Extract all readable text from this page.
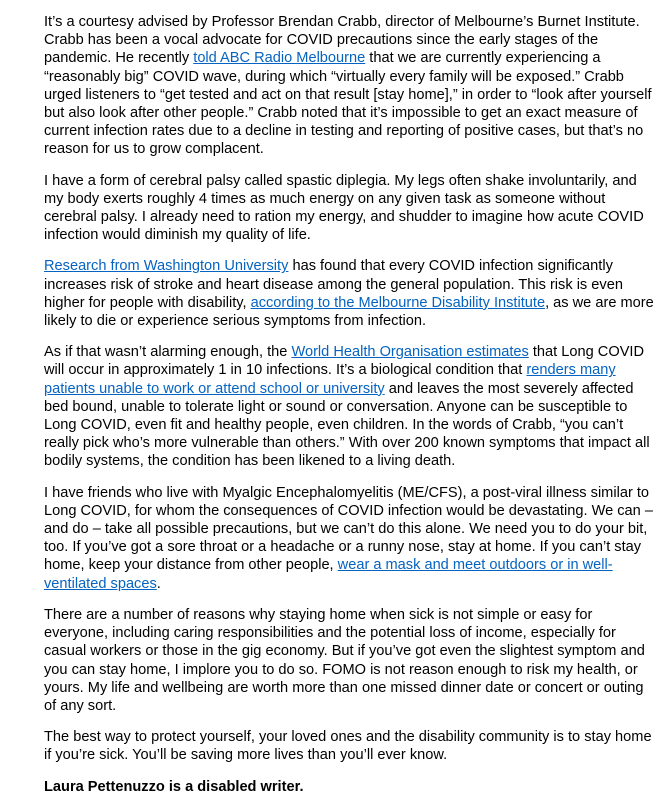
It’s a courtesy advised by Professor Brendan Crabb, director of Melbourne’s Burnet Institute. Crabb has been a vocal advocate for COVID precautions since the early stages of the pandemic. He recently told ABC Radio Melbourne that we are currently experiencing a “reasonably big” COVID wave, during which “virtually every family will be exposed.” Crabb urged listeners to “get tested and act on that result [stay home],” in order to “look after yourself but also look after other people.” Crabb noted that it’s impossible to get an exact measure of current infection rates due to a decline in testing and reporting of positive cases, but that’s no reason for us to grow complacent.

I have a form of cerebral palsy called spastic diplegia. My legs often shake involuntarily, and my body exerts roughly 4 times as much energy on any given task as someone without cerebral palsy. I already need to ration my energy, and shudder to imagine how acute COVID infection would diminish my quality of life.

Research from Washington University has found that every COVID infection significantly increases risk of stroke and heart disease among the general population. This risk is even higher for people with disability, according to the Melbourne Disability Institute, as we are more likely to die or experience serious symptoms from infection.

As if that wasn’t alarming enough, the World Health Organisation estimates that Long COVID will occur in approximately 1 in 10 infections. It’s a biological condition that renders many patients unable to work or attend school or university and leaves the most severely affected bed bound, unable to tolerate light or sound or conversation. Anyone can be susceptible to Long COVID, even fit and healthy people, even children. In the words of Crabb, “you can’t really pick who’s more vulnerable than others.” With over 200 known symptoms that impact all bodily systems, the condition has been likened to a living death.

I have friends who live with Myalgic Encephalomyelitis (ME/CFS), a post-viral illness similar to Long COVID, for whom the consequences of COVID infection would be devastating. We can – and do – take all possible precautions, but we can’t do this alone. We need you to do your bit, too. If you’ve got a sore throat or a headache or a runny nose, stay at home. If you can’t stay home, keep your distance from other people, wear a mask and meet outdoors or in well-ventilated spaces.

There are a number of reasons why staying home when sick is not simple or easy for everyone, including caring responsibilities and the potential loss of income, especially for casual workers or those in the gig economy. But if you’ve got even the slightest symptom and you can stay home, I implore you to do so. FOMO is not reason enough to risk my health, or yours. My life and wellbeing are worth more than one missed dinner date or concert or outing of any sort.

The best way to protect yourself, your loved ones and the disability community is to stay home if you’re sick. You’ll be saving more lives than you’ll ever know.

Laura Pettenuzzo is a disabled writer.
